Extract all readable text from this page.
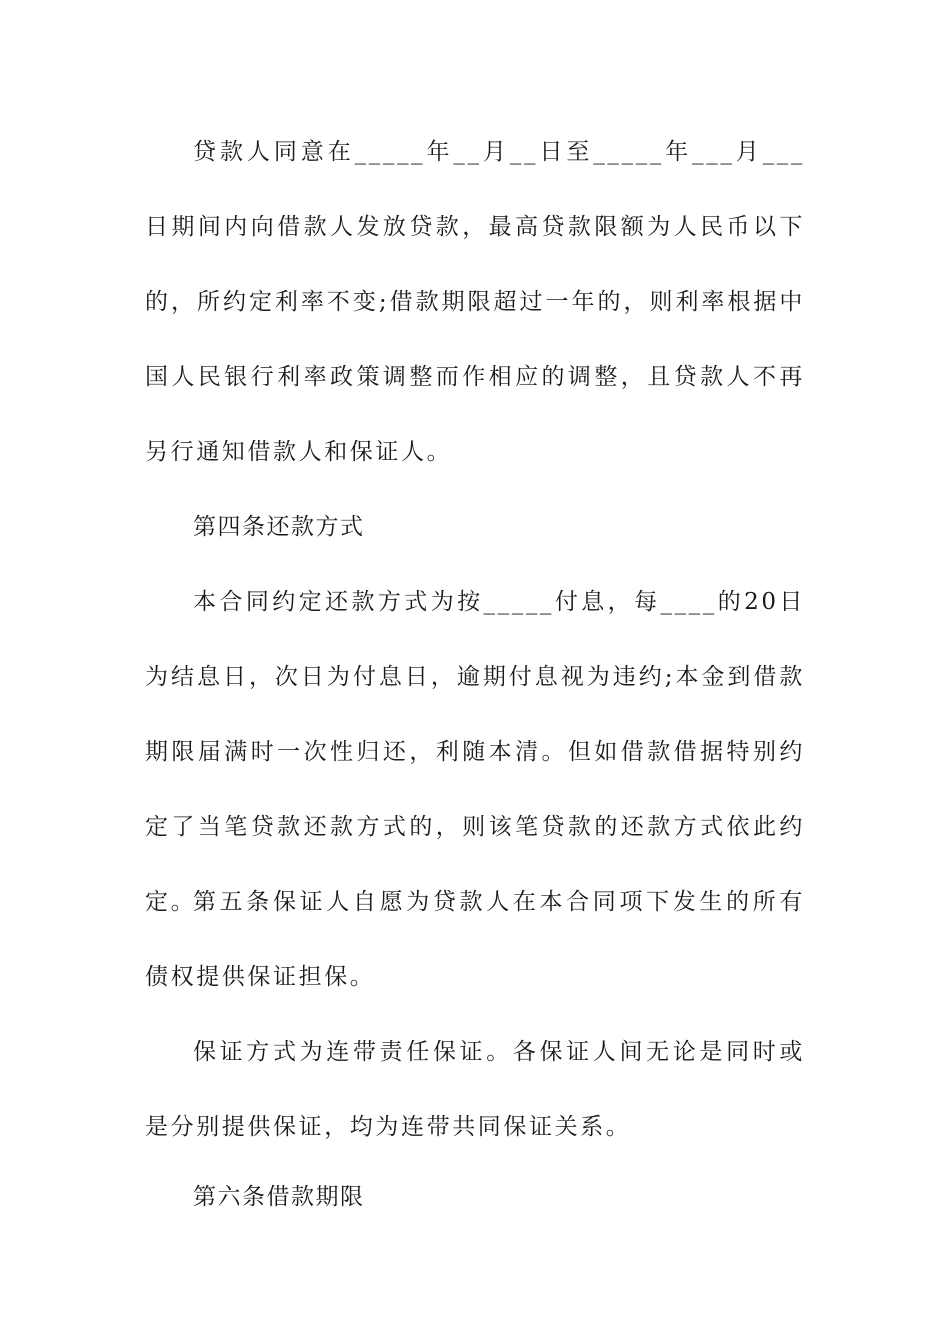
贷款人同意在_____年__月__日至_____年___月___日期间内向借款人发放贷款，最高贷款限额为人民币以下的，所约定利率不变;借款期限超过一年的，则利率根据中国人民银行利率政策调整而作相应的调整，且贷款人不再另行通知借款人和保证人。

第四条还款方式

本合同约定还款方式为按_____付息，每____的20日为结息日，次日为付息日，逾期付息视为违约;本金到借款期限届满时一次性归还，利随本清。但如借款借据特别约定了当笔贷款还款方式的，则该笔贷款的还款方式依此约定。

第五条保证人自愿为贷款人在本合同项下发生的所有债权提供保证担保。

保证方式为连带责任保证。各保证人间无论是同时或是分别提供保证，均为连带共同保证关系。

第六条借款期限
